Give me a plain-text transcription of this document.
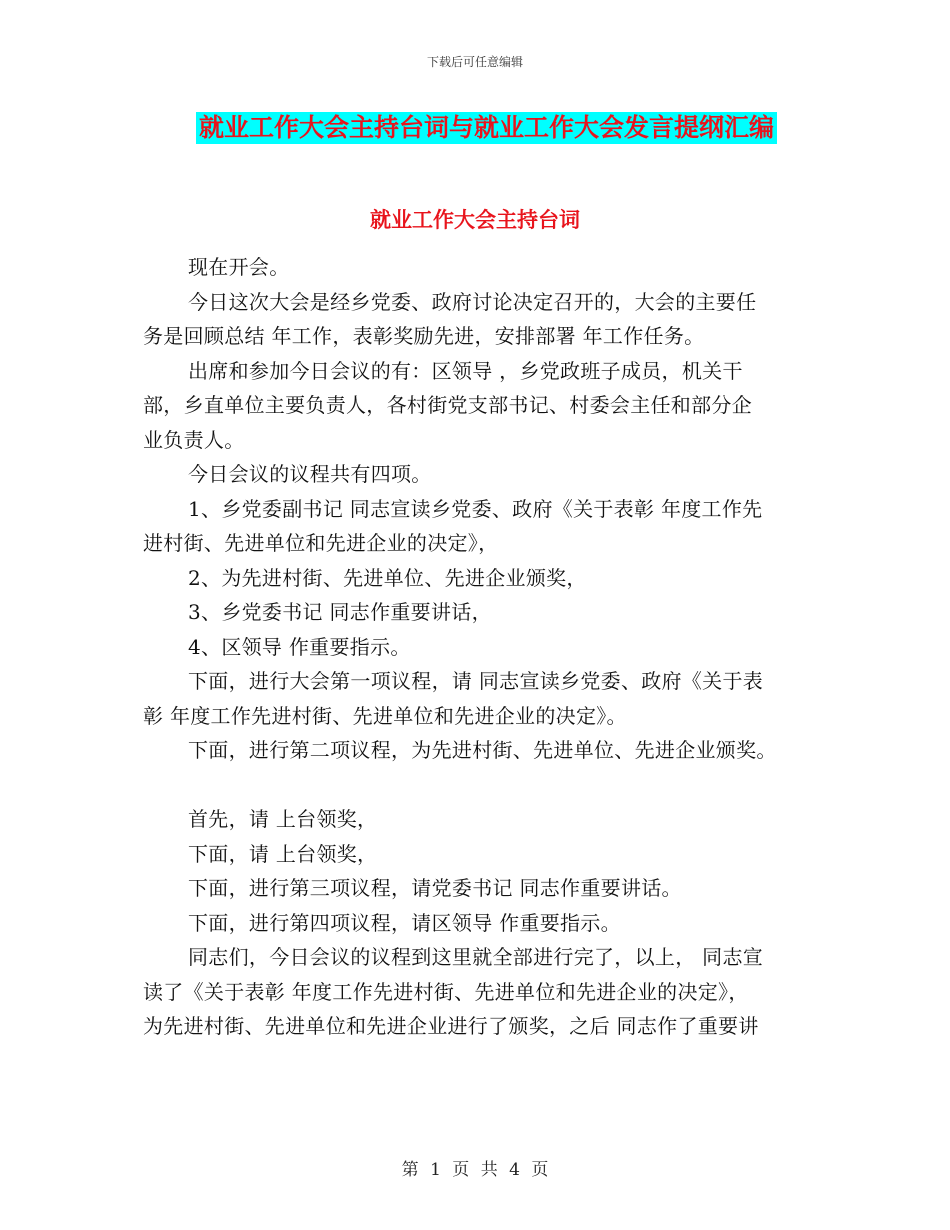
下载后可任意编辑
就业工作大会主持台词与就业工作大会发言提纲汇编
就业工作大会主持台词
现在开会。
今日这次大会是经乡党委、政府讨论决定召开的，大会的主要任
务是回顾总结 年工作，表彰奖励先进，安排部署 年工作任务。
出席和参加今日会议的有：区领导 ，乡党政班子成员，机关干
部，乡直单位主要负责人，各村街党支部书记、村委会主任和部分企
业负责人。
今日会议的议程共有四项。
1、乡党委副书记 同志宣读乡党委、政府《关于表彰 年度工作先
进村街、先进单位和先进企业的决定》，
2、为先进村街、先进单位、先进企业颁奖，
3、乡党委书记 同志作重要讲话，
4、区领导 作重要指示。
下面，进行大会第一项议程，请 同志宣读乡党委、政府《关于表
彰 年度工作先进村街、先进单位和先进企业的决定》。
下面，进行第二项议程，为先进村街、先进单位、先进企业颁奖。
首先，请 上台领奖，
下面，请 上台领奖，
下面，进行第三项议程，请党委书记 同志作重要讲话。
下面，进行第四项议程，请区领导 作重要指示。
同志们，今日会议的议程到这里就全部进行完了，以上， 同志宣
读了《关于表彰 年度工作先进村街、先进单位和先进企业的决定》，
为先进村街、先进单位和先进企业进行了颁奖，之后 同志作了重要讲
第 1 页 共 4 页
